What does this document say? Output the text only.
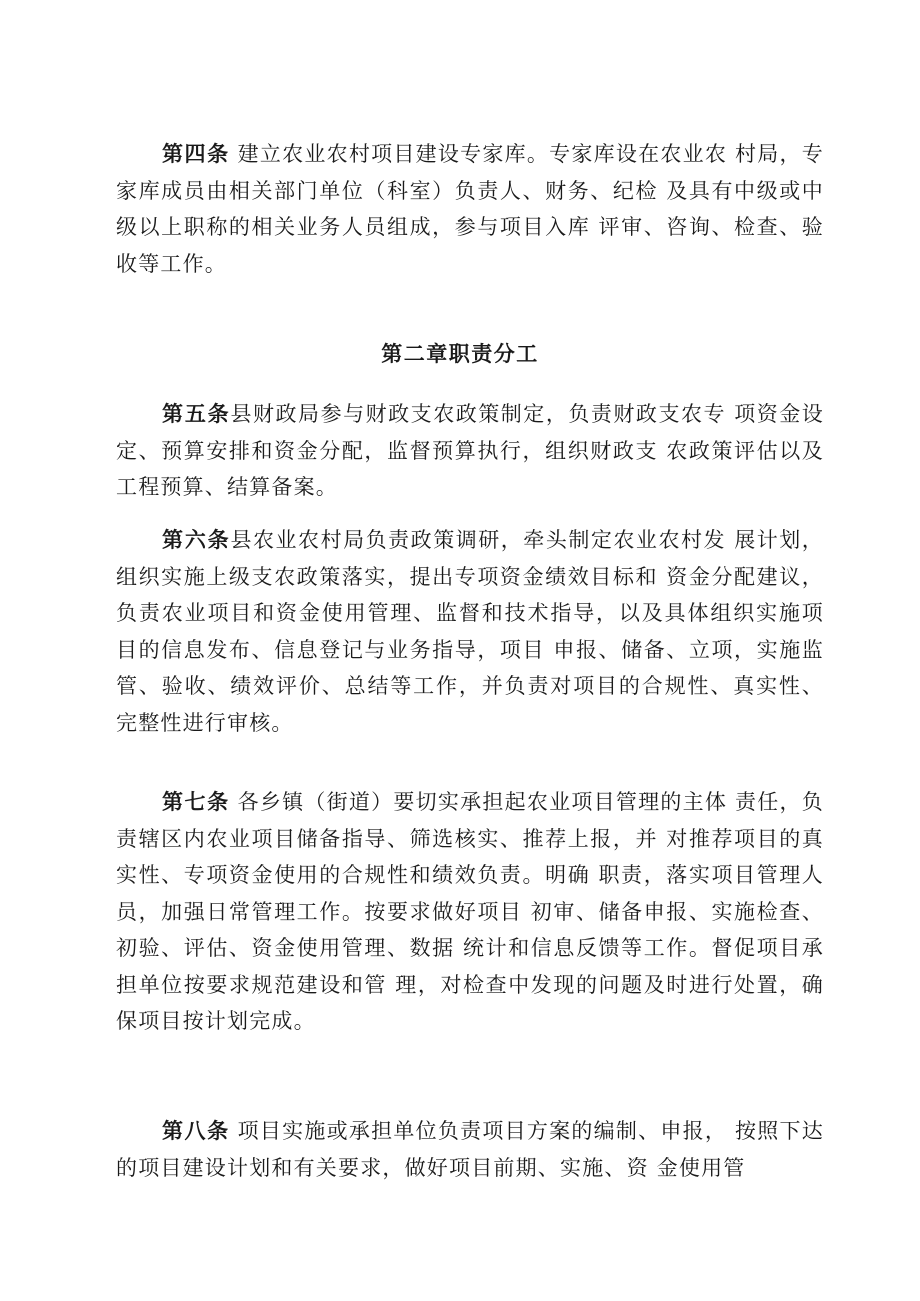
第四条 建立农业农村项目建设专家库。专家库设在农业农 村局，专家库成员由相关部门单位（科室）负责人、财务、纪检 及具有中级或中级以上职称的相关业务人员组成，参与项目入库 评审、咨询、检查、验收等工作。

第二章职责分工

第五条县财政局参与财政支农政策制定，负责财政支农专 项资金设定、预算安排和资金分配，监督预算执行，组织财政支 农政策评估以及工程预算、结算备案。

第六条县农业农村局负责政策调研，牵头制定农业农村发 展计划，组织实施上级支农政策落实，提出专项资金绩效目标和 资金分配建议，负责农业项目和资金使用管理、监督和技术指导，以及具体组织实施项目的信息发布、信息登记与业务指导，项目 申报、储备、立项，实施监管、验收、绩效评价、总结等工作，并负责对项目的合规性、真实性、完整性进行审核。

第七条 各乡镇（街道）要切实承担起农业项目管理的主体 责任，负责辖区内农业项目储备指导、筛选核实、推荐上报，并 对推荐项目的真实性、专项资金使用的合规性和绩效负责。明确 职责，落实项目管理人员，加强日常管理工作。按要求做好项目 初审、储备申报、实施检查、初验、评估、资金使用管理、数据 统计和信息反馈等工作。督促项目承担单位按要求规范建设和管 理，对检查中发现的问题及时进行处置，确保项目按计划完成。

第八条 项目实施或承担单位负责项目方案的编制、申报， 按照下达的项目建设计划和有关要求，做好项目前期、实施、资 金使用管
